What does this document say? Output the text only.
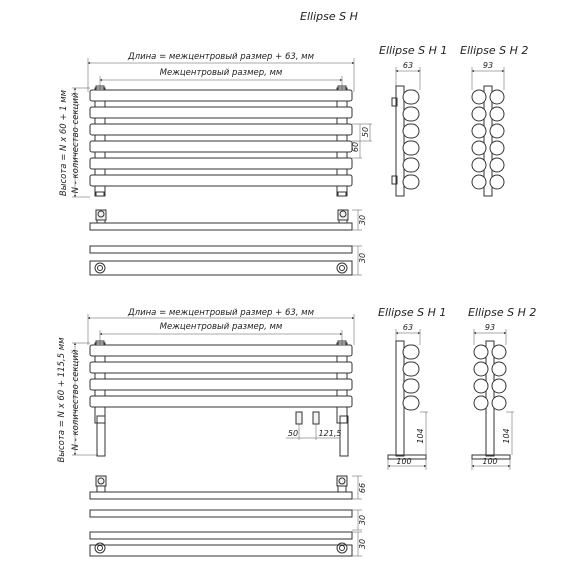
Ellipse S H
Длина = межцентровый размер + 63, мм
Межцентровый размер, мм
Высота = N x 60 + 1 мм N - количество секций	60
50
30
30
Ellipse S H 1
63
Ellipse S H 2
93
Длина = межцентровый размер + 63, мм
Межцентровый размер, мм
Высота = N x 60 + 115,5 мм N - количество секций	50	121,5
66
30
30
Ellipse S H 1
63
104
100
Ellipse S H 2
93
104
100
